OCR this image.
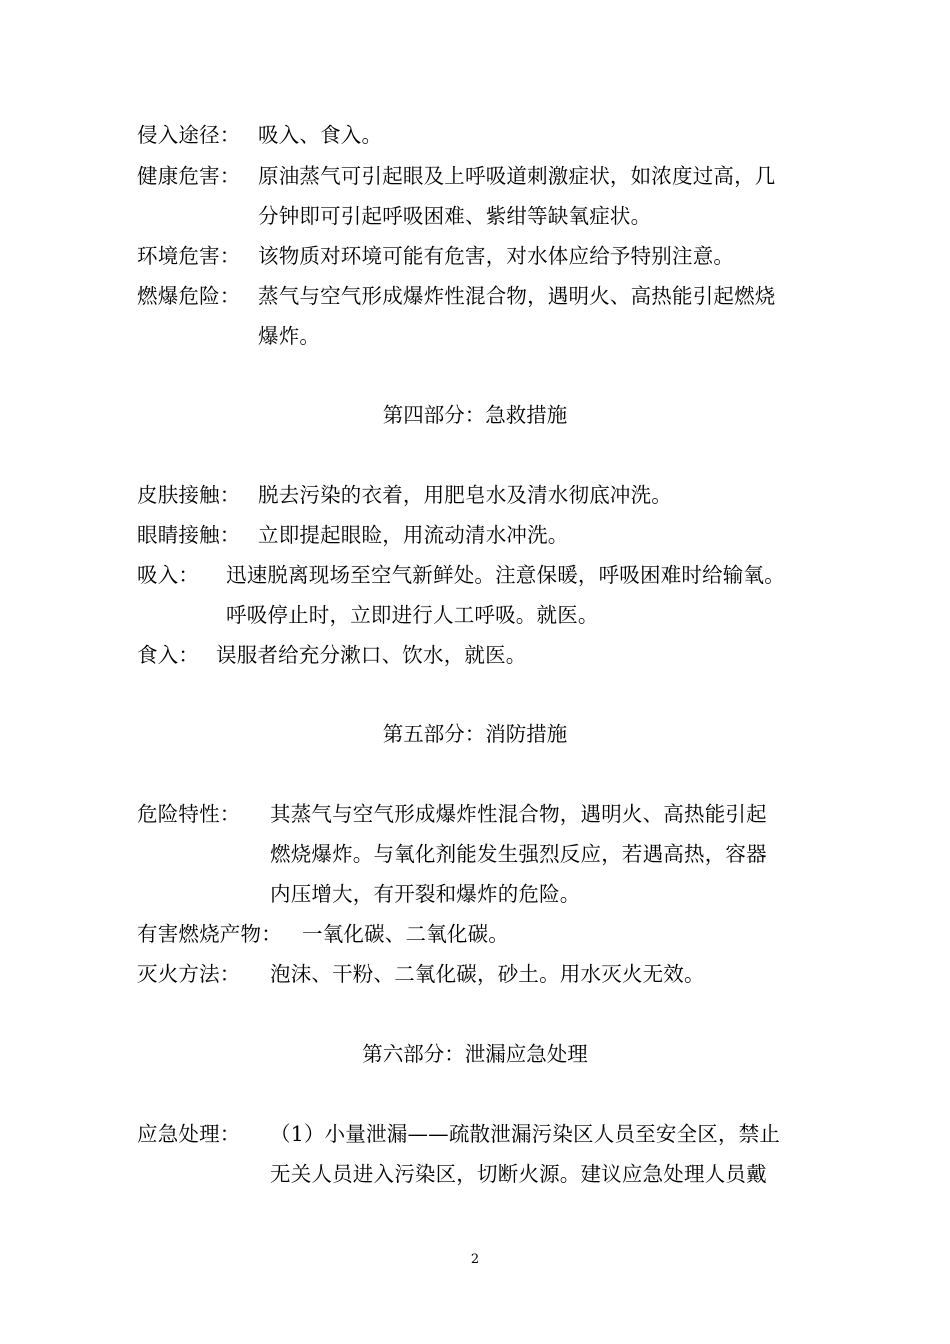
侵入途径： 吸入、食入。
健康危害： 原油蒸气可引起眼及上呼吸道刺激症状，如浓度过高，几
分钟即可引起呼吸困难、紫绀等缺氧症状。
环境危害： 该物质对环境可能有危害，对水体应给予特别注意。
燃爆危险： 蒸气与空气形成爆炸性混合物，遇明火、高热能引起燃烧
爆炸。
第四部分：急救措施
皮肤接触： 脱去污染的衣着，用肥皂水及清水彻底冲洗。
眼睛接触： 立即提起眼睑，用流动清水冲洗。
吸入： 迅速脱离现场至空气新鲜处。注意保暖，呼吸困难时给输氧。
呼吸停止时，立即进行人工呼吸。就医。
食入： 误服者给充分漱口、饮水，就医。
第五部分：消防措施
危险特性： 其蒸气与空气形成爆炸性混合物，遇明火、高热能引起
燃烧爆炸。与氧化剂能发生强烈反应，若遇高热，容器
内压增大，有开裂和爆炸的危险。
有害燃烧产物： 一氧化碳、二氧化碳。
灭火方法： 泡沫、干粉、二氧化碳，砂土。用水灭火无效。
第六部分：泄漏应急处理
应急处理： （1）小量泄漏——疏散泄漏污染区人员至安全区，禁止
无关人员进入污染区，切断火源。建议应急处理人员戴
2
